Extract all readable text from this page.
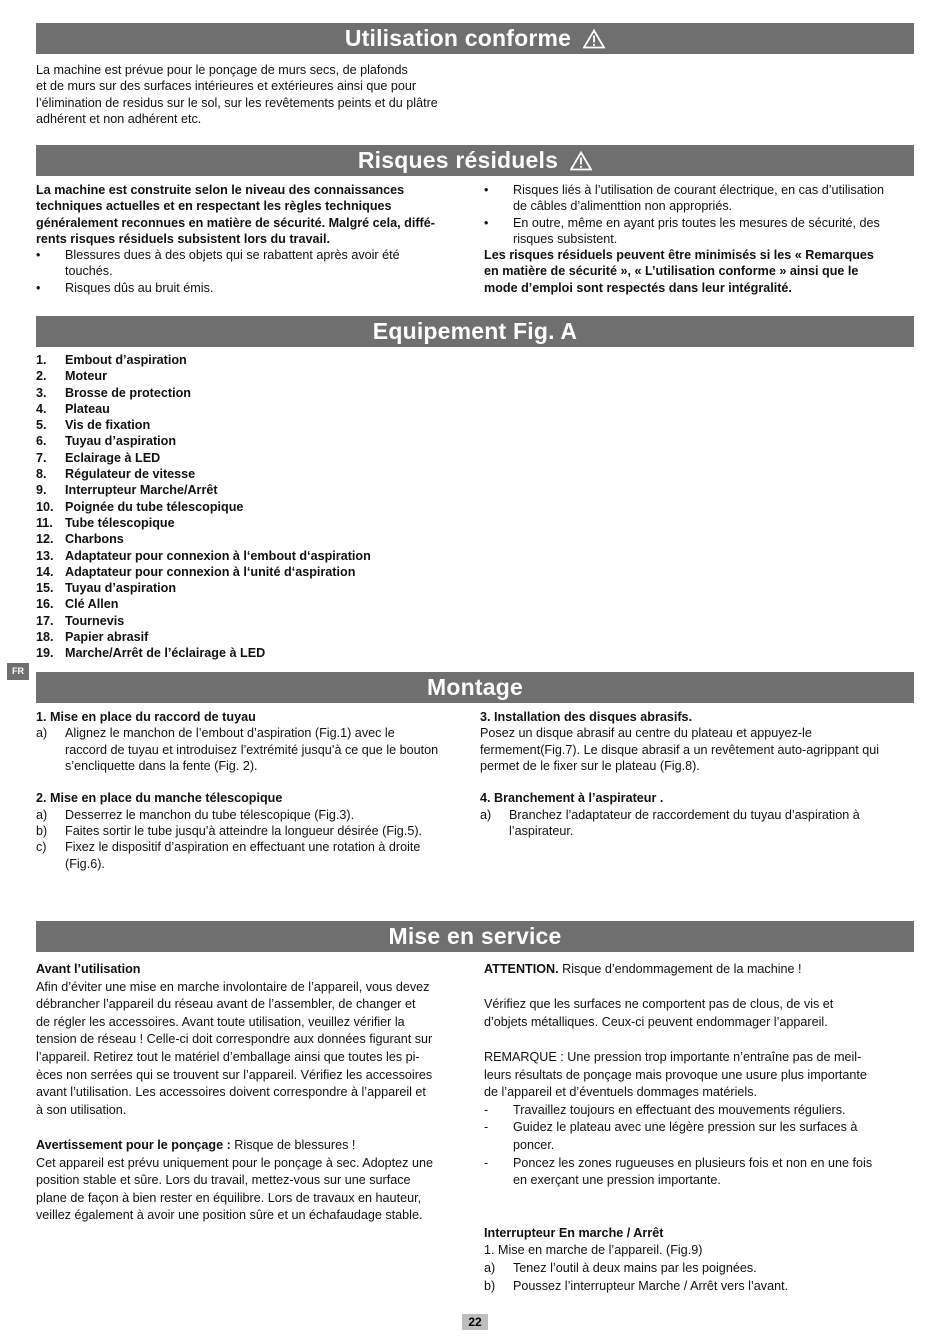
Utilisation conforme

La machine est prévue pour le ponçage de murs secs, de plafonds

et de murs sur des surfaces intérieures et extérieures ainsi que pour

l’élimination de residus sur le sol, sur les revêtements peints et du plâtre

adhérent et non adhérent etc.

Risques résiduels

La machine est construite selon le niveau des connaissances

techniques actuelles et en respectant les règles techniques

généralement reconnues en matière de sécurité. Malgré cela, diffé-

rents risques résiduels subsistent lors du travail.

•	Blessures dues à des objets qui se rabattent après avoir été
touchés.
•	Risques dûs au bruit émis.
•	Risques liés à l’utilisation de courant électrique, en cas d’utilisation
de câbles d’alimenttion non appropriés.
•	En outre, même en ayant pris toutes les mesures de sécurité, des
risques subsistent.

Les risques résiduels peuvent être minimisés si les « Remarques

en matière de sécurité », « L’utilisation conforme » ainsi que le

mode d’emploi sont respectés dans leur intégralité.

Equipement Fig. A
1.	Embout d’aspiration
2.	Moteur
3.	Brosse de protection
4.	Plateau
5.	Vis de fixation
6.	Tuyau d’aspiration
7.	Eclairage à LED
8.	Régulateur de vitesse
9.	Interrupteur Marche/Arrêt
10. Poignée du tube télescopique
11. Tube télescopique
12. Charbons
13. Adaptateur pour connexion à l‘embout d‘aspiration
14. Adaptateur pour connexion à l‘unité d‘aspiration
15. Tuyau d’aspiration
16. Clé Allen
17. Tournevis
18. Papier abrasif
19. Marche/Arrêt de l’éclairage à LED
FR
Montage

1. Mise en place du raccord de tuyau

a)	Alignez le manchon de l’embout d’aspiration (Fig.1) avec le
raccord de tuyau et introduisez l’extrémité jusqu’à ce que le bouton
s’encliquette dans la fente (Fig. 2).

2. Mise en place du manche télescopique

a)	Desserrez le manchon du tube télescopique (Fig.3).
b)	Faites sortir le tube jusqu’à atteindre la longueur désirée (Fig.5).
c)	Fixez le dispositif d’aspiration en effectuant une rotation à droite
(Fig.6).

3. Installation des disques abrasifs.

Posez un disque abrasif au centre du plateau et appuyez-le

fermement(Fig.7). Le disque abrasif a un revêtement auto-agrippant qui

permet de le fixer sur le plateau (Fig.8).

4. Branchement à l’aspirateur .

a)	Branchez l’adaptateur de raccordement du tuyau d’aspiration à
l’aspirateur.
Mise en service

Avant l’utilisation

Afin d’éviter une mise en marche involontaire de l’appareil, vous devez

débrancher l’appareil du réseau avant de l’assembler, de changer et

de régler les accessoires. Avant toute utilisation, veuillez vérifier la

tension de réseau ! Celle-ci doit correspondre aux données figurant sur

l’appareil. Retirez tout le matériel d’emballage ainsi que toutes les pi-

èces non serrées qui se trouvent sur l’appareil. Vérifiez les accessoires

avant l’utilisation. Les accessoires doivent correspondre à l’appareil et

à son utilisation.

Avertissement pour le ponçage : Risque de blessures !

Cet appareil est prévu uniquement pour le ponçage à sec. Adoptez une

position stable et sûre. Lors du travail, mettez-vous sur une surface

plane de façon à bien rester en équilibre. Lors de travaux en hauteur,

veillez également à avoir une position sûre et un échafaudage stable.

ATTENTION. Risque d’endommagement de la machine !

Vérifiez que les surfaces ne comportent pas de clous, de vis et

d’objets métalliques. Ceux-ci peuvent endommager l’appareil.

REMARQUE : Une pression trop importante n’entraîne pas de meil-

leurs résultats de ponçage mais provoque une usure plus importante

de l’appareil et d’éventuels dommages matériels.

-	Travaillez toujours en effectuant des mouvements réguliers.
-	Guidez le plateau avec une légère pression sur les surfaces à
poncer.
-	Poncez les zones rugueuses en plusieurs fois et non en une fois
en exerçant une pression importante.

Interrupteur En marche / Arrêt

1. Mise en marche de l’appareil. (Fig.9)

a)	Tenez l’outil à deux mains par les poignées.
b)	Poussez l’interrupteur Marche / Arrêt vers l’avant.
22
